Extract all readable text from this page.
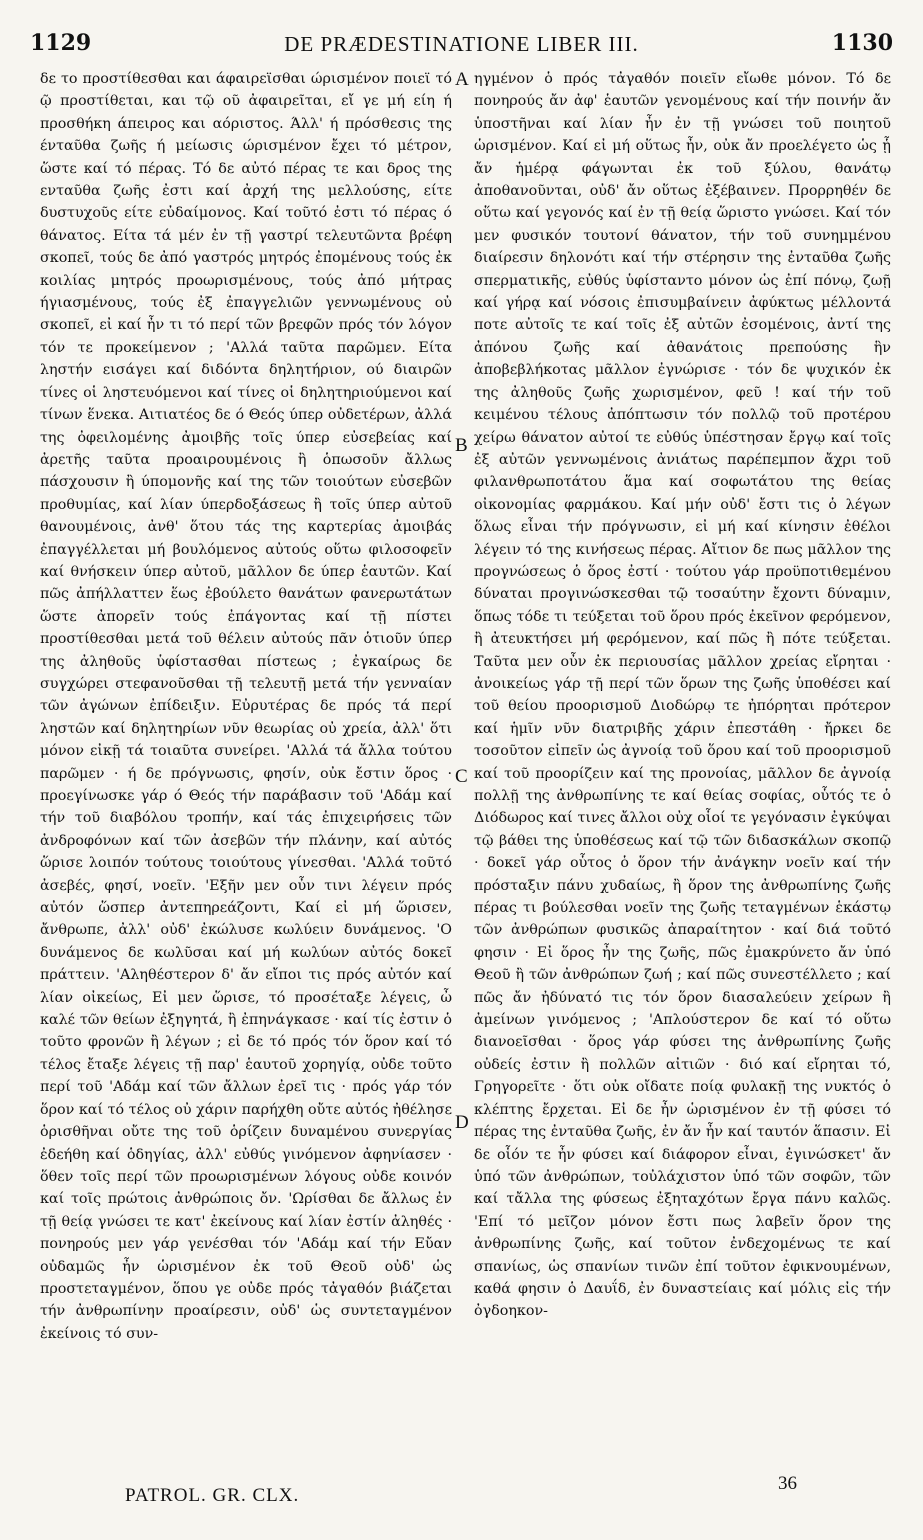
1129	DE PRÆDESTINATIONE LIBER III.	1130

δε το προστίθεσθαι και άφαιρεϊσθαι ώρισμένον ποιεϊ τό ῷ προστίθεται, και τῷ οῦ ἀφαιρεῖται, εἴ γε μή είη ή προσθήκη άπειρος και αόριστος. Άλλ' ή πρόσθεσις της ένταῦθα ζωῆς ή μείωσις ώρισμένον ἔχει τό μέτρον, ὥστε καί τό πέρας. Τό δε αὐτό πέρας τε και δρος της ενταῦθα ζωῆς ἐστι καί ἀρχή της μελλούσης, είτε δυστυχοῦς είτε εὐδαίμονος. Καί τοῦτό ἐστι τό πέρας ό θάνατος. Είτα τά μέν ἐν τῇ γαστρί τελευτῶντα βρέφη σκοπεῖ, τούς δε ἀπό γαστρός μητρός ἐπομένους τούς ἐκ κοιλίας μητρός προωρισμένους, τούς ἀπό μήτρας ήγιασμένους, τούς ἐξ ἐπαγγελιῶν γεννωμένους οὐ σκοπεῖ, εἰ καί ἦν τι τό περί τῶν βρεφῶν πρός τόν λόγον τόν τε προκείμενον ; 'Αλλά ταῦτα παρῶμεν. Είτα ληστήν εισάγει καί διδόντα δηλητήριον, ού διαιρῶν τίνες οἱ ληστευόμενοι καί τίνες οἱ δηλητηριούμενοι καί τίνων ἕνεκα. Αιτιατέος δε ό Θεός ύπερ οὐδετέρων, ἀλλά της ὀφειλομένης ἀμοιβῆς τοῖς ύπερ εὐσεβείας καί ἀρετῆς ταῦτα προαιρουμένοις ἢ ὁπωσοῦν ἄλλως πάσχουσιν ἢ ύπομονῆς καί της τῶν τοιούτων εὐσεβῶν προθυμίας, καί λίαν ύπερδοξάσεως ἢ τοῖς ύπερ αὐτοῦ θανουμένοις, ἀνθ' ὅτου τάς της καρτερίας ἀμοιβάς ἐπαγγέλλεται μή βουλόμενος αὐτούς οὕτω φιλοσοφεῖν καί θνήσκειν ύπερ αὐτοῦ, μᾶλλον δε ύπερ ἑαυτῶν. Καί πῶς ἀπήλλαττεν ἕως ἐβούλετο θανάτων φανερωτάτων ὥστε ἀπορεῖν τούς ἐπάγοντας καί τῇ πίστει προστίθεσθαι μετά τοῦ θέλειν αὐτούς πᾶν ὁτιοῦν ύπερ της ἀληθοῦς ὑφίστασθαι πίστεως ; ἐγκαίρως δε συγχώρει στεφανοῦσθαι τῇ τελευτῇ μετά τήν γενναίαν τῶν ἀγώνων ἐπίδειξιν. Εὐρυτέρας δε πρός τά περί ληστῶν καί δηλητηρίων νῦν θεωρίας οὐ χρεία, ἀλλ' ὅτι μόνον εἰκῇ τά τοιαῦτα συνείρει. 'Αλλά τά ἄλλα τούτου παρῶμεν · ή δε πρόγνωσις, φησίν, οὐκ ἔστιν ὅρος · προεγίνωσκε γάρ ό Θεός τήν παράβασιν τοῦ 'Αδάμ καί τήν τοῦ διαβόλου τροπήν, καί τάς ἐπιχειρήσεις τῶν ἀνδροφόνων καί τῶν ἀσεβῶν τήν πλάνην, καί αὐτός ὥρισε λοιπόν τούτους τοιούτους γίνεσθαι. 'Αλλά τοῦτό ἀσεβές, φησί, νοεῖν. 'Εξῆν μεν οὖν τινι λέγειν πρός αὐτόν ὥσπερ ἀντεπηρεάζοντι, Καί εἰ μή ὥρισεν, ἄνθρωπε, ἀλλ' οὐδ' ἐκώλυσε κωλύειν δυνάμενος. 'Ο δυνάμενος δε κωλῦσαι καί μή κωλύων αὐτός δοκεῖ πράττειν. 'Αληθέστερον δ' ἄν εἴποι τις πρός αὐτόν καί λίαν οἰκείως, Εἰ μεν ὥρισε, τό προσέταξε λέγεις, ὦ καλέ τῶν θείων ἐξηγητά, ἢ ἐπηνάγκασε · καί τίς ἐστιν ὁ τοῦτο φρονῶν ἢ λέγων ; εἰ δε τό πρός τόν ὅρον καί τό τέλος ἔταξε λέγεις τῇ παρ' ἑαυτοῦ χορηγίᾳ, οὐδε τοῦτο περί τοῦ 'Αδάμ καί τῶν ἄλλων ἐρεῖ τις · πρός γάρ τόν ὅρον καί τό τέλος οὐ χάριν παρήχθη οὔτε αὐτός ἠθέλησε ὁρισθῆναι οὔτε της τοῦ ὁρίζειν δυναμένου συνεργίας ἐδεήθη καί ὁδηγίας, ἀλλ' εὐθύς γινόμενον ἀφηνίασεν · ὅθεν τοῖς περί τῶν προωρισμένων λόγους οὐδε κοινόν καί τοῖς πρώτοις ἀνθρώποις ὄν. 'Ωρίσθαι δε ἄλλως ἐν τῇ θείᾳ γνώσει τε κατ' ἐκείνους καί λίαν ἐστίν ἀληθές · πονηρούς μεν γάρ γενέσθαι τόν 'Αδάμ καί τήν Εὔαν οὐδαμῶς ἦν ὡρισμένον ἐκ τοῦ Θεοῦ οὐδ' ὡς προστεταγμένον, ὅπου γε οὐδε πρός τἀγαθόν βιάζεται τήν ἀνθρωπίνην προαίρεσιν, οὐδ' ὡς συντεταγμένον ἐκείνοις τό συν-

ηγμένον ὁ πρός τἀγαθόν ποιεῖν εἴωθε μόνον. Τό δε πονηρούς ἄν ἀφ' ἑαυτῶν γενομένους καί τήν ποινήν ἄν ὑποστῆναι καί λίαν ἦν ἐν τῇ γνώσει τοῦ ποιητοῦ ὡρισμένον. Καί εἰ μή οὕτως ἦν, οὐκ ἄν προελέγετο ὡς ᾗ ἄν ἡμέρᾳ φάγωνται ἐκ τοῦ ξύλου, θανάτῳ ἀποθανοῦνται, οὐδ' ἄν οὕτως ἐξέβαινεν. Προρρηθέν δε οὕτω καί γεγονός καί ἐν τῇ θείᾳ ὥριστο γνώσει. Καί τόν μεν φυσικόν τουτονί θάνατον, τήν τοῦ συνημμένου διαίρεσιν δηλονότι καί τήν στέρησιν της ἐνταῦθα ζωῆς σπερματικῆς, εὐθύς ὑφίσταντο μόνον ὡς ἐπί πόνῳ, ζωῇ καί γήρᾳ καί νόσοις ἐπισυμβαίνειν ἀφύκτως μέλλοντά ποτε αὐτοῖς τε καί τοῖς ἐξ αὐτῶν ἐσομένοις, ἀντί της ἀπόνου ζωῆς καί ἀθανάτοις πρεπούσης ἣν ἀποβεβλήκοτας μᾶλλον ἐγνώρισε · τόν δε ψυχικόν ἐκ της ἀληθοῦς ζωῆς χωρισμένον, φεῦ ! καί τήν τοῦ κειμένου τέλους ἀπόπτωσιν τόν πολλῷ τοῦ προτέρου χείρω θάνατον αὐτοί τε εὐθύς ὑπέστησαν ἔργῳ καί τοῖς ἐξ αὐτῶν γεννωμένοις ἀνιάτως παρέπεμπον ἄχρι τοῦ φιλανθρωποτάτου ἅμα καί σοφωτάτου της θείας οἰκονομίας φαρμάκου. Καί μήν οὐδ' ἔστι τις ὁ λέγων ὅλως εἶναι τήν πρόγνωσιν, εἰ μή καί κίνησιν ἐθέλοι λέγειν τό της κινήσεως πέρας. Αἴτιον δε πως μᾶλλον της προγνώσεως ὁ ὅρος ἐστί · τούτου γάρ προϋποτιθεμένου δύναται προγινώσκεσθαι τῷ τοσαύτην ἔχοντι δύναμιν, ὅπως τόδε τι τεύξεται τοῦ ὅρου πρός ἐκεῖνον φερόμενον, ἢ ἀτευκτήσει μή φερόμενον, καί πῶς ἢ πότε τεύξεται. Ταῦτα μεν οὖν ἐκ περιουσίας μᾶλλον χρείας εἴρηται · ἀνοικείως γάρ τῇ περί τῶν ὅρων της ζωῆς ὑποθέσει καί τοῦ θείου προορισμοῦ Διοδώρῳ τε ἠπόρηται πρότερον καί ἡμῖν νῦν διατριβῆς χάριν ἐπεστάθη · ἤρκει δε τοσοῦτον εἰπεῖν ὡς ἀγνοίᾳ τοῦ ὅρου καί τοῦ προορισμοῦ καί τοῦ προορίζειν καί της προνοίας, μᾶλλον δε ἀγνοίᾳ πολλῇ της ἀνθρωπίνης τε καί θείας σοφίας, οὗτός τε ὁ Διόδωρος καί τινες ἄλλοι οὐχ οἷοί τε γεγόνασιν ἐγκύψαι τῷ βάθει της ὑποθέσεως καί τῷ τῶν διδασκάλων σκοπῷ · δοκεῖ γάρ οὗτος ὁ ὅρον τήν ἀνάγκην νοεῖν καί τήν πρόσταξιν πάνυ χυδαίως, ἢ ὅρον της ἀνθρωπίνης ζωῆς πέρας τι βούλεσθαι νοεῖν της ζωῆς τεταγμένων ἑκάστῳ τῶν ἀνθρώπων φυσικῶς ἀπαραίτητον · καί διά τοῦτό φησιν · Εἰ ὅρος ἦν της ζωῆς, πῶς ἐμακρύνετο ἄν ὑπό Θεοῦ ἢ τῶν ἀνθρώπων ζωή ; καί πῶς συνεστέλλετο ; καί πῶς ἄν ἠδύνατό τις τόν ὅρον διασαλεύειν χείρων ἢ ἀμείνων γινόμενος ; 'Απλούστερον δε καί τό οὕτω διανοεῖσθαι · ὅρος γάρ φύσει της ἀνθρωπίνης ζωῆς οὐδείς ἐστιν ἢ πολλῶν αἰτιῶν · διό καί εἴρηται τό, Γρηγορεῖτε · ὅτι οὐκ οἴδατε ποίᾳ φυλακῇ της νυκτός ὁ κλέπτης ἔρχεται. Εἰ δε ἦν ὡρισμένον ἐν τῇ φύσει τό πέρας της ἐνταῦθα ζωῆς, ἐν ἄν ἦν καί ταυτόν ἅπασιν. Εἰ δε οἷόν τε ἦν φύσει καί διάφορον εἶναι, ἐγινώσκετ' ἄν ὑπό τῶν ἀνθρώπων, τοὐλάχιστον ὑπό τῶν σοφῶν, τῶν καί τἄλλα της φύσεως ἐξηταχότων ἔργα πάνυ καλῶς. 'Επί τό μεῖζον μόνον ἔστι πως λαβεῖν ὅρον της ἀνθρωπίνης ζωῆς, καί τοῦτον ἐνδεχομένως τε καί σπανίως, ὡς σπανίων τινῶν ἐπί τοῦτον ἐφικνουμένων, καθά φησιν ὁ Δαυΐδ, ἐν δυναστείαις καί μόλις εἰς τήν ὀγδοηκον-

A
B
C
D
PATROL. GR. CLX.
36
